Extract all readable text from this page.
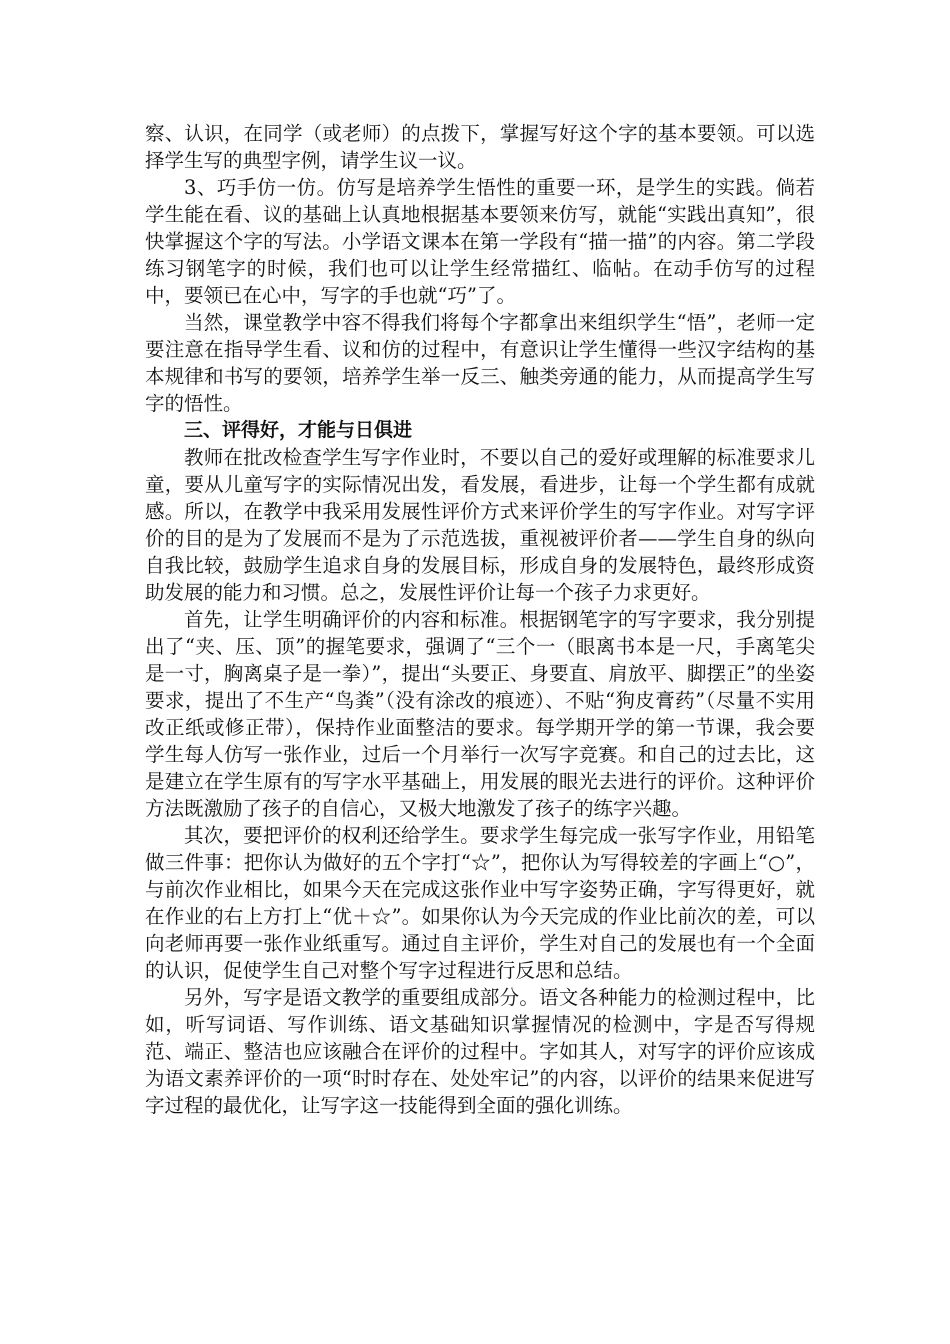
察、认识，在同学（或老师）的点拨下，掌握写好这个字的基本要领。可以选择学生写的典型字例，请学生议一议。

3、巧手仿一仿。仿写是培养学生悟性的重要一环，是学生的实践。倘若学生能在看、议的基础上认真地根据基本要领来仿写，就能“实践出真知”，很快掌握这个字的写法。小学语文课本在第一学段有“描一描”的内容。第二学段练习钢笔字的时候，我们也可以让学生经常描红、临帖。在动手仿写的过程中，要领已在心中，写字的手也就“巧”了。

当然，课堂教学中容不得我们将每个字都拿出来组织学生“悟”，老师一定要注意在指导学生看、议和仿的过程中，有意识让学生懂得一些汉字结构的基本规律和书写的要领，培养学生举一反三、触类旁通的能力，从而提高学生写字的悟性。

三、评得好，才能与日俱进

教师在批改检查学生写字作业时，不要以自己的爱好或理解的标准要求儿童，要从儿童写字的实际情况出发，看发展，看进步，让每一个学生都有成就感。所以，在教学中我采用发展性评价方式来评价学生的写字作业。对写字评价的目的是为了发展而不是为了示范选拔，重视被评价者——学生自身的纵向自我比较，鼓励学生追求自身的发展目标，形成自身的发展特色，最终形成资助发展的能力和习惯。总之，发展性评价让每一个孩子力求更好。

首先，让学生明确评价的内容和标准。根据钢笔字的写字要求，我分别提出了“夹、压、顶”的握笔要求，强调了“三个一（眼离书本是一尺，手离笔尖是一寸，胸离桌子是一拳）”，提出“头要正、身要直、肩放平、脚摆正”的坐姿要求，提出了不生产“鸟粪”（没有涂改的痕迹）、不贴“狗皮膏药”（尽量不实用改正纸或修正带），保持作业面整洁的要求。每学期开学的第一节课，我会要学生每人仿写一张作业，过后一个月举行一次写字竞赛。和自己的过去比，这是建立在学生原有的写字水平基础上，用发展的眼光去进行的评价。这种评价方法既激励了孩子的自信心，又极大地激发了孩子的练字兴趣。

其次，要把评价的权利还给学生。要求学生每完成一张写字作业，用铅笔做三件事：把你认为做好的五个字打“☆”，把你认为写得较差的字画上“○”，与前次作业相比，如果今天在完成这张作业中写字姿势正确，字写得更好，就在作业的右上方打上“优＋☆”。如果你认为今天完成的作业比前次的差，可以向老师再要一张作业纸重写。通过自主评价，学生对自己的发展也有一个全面的认识，促使学生自己对整个写字过程进行反思和总结。

另外，写字是语文教学的重要组成部分。语文各种能力的检测过程中，比如，听写词语、写作训练、语文基础知识掌握情况的检测中，字是否写得规范、端正、整洁也应该融合在评价的过程中。字如其人，对写字的评价应该成为语文素养评价的一项“时时存在、处处牢记”的内容，以评价的结果来促进写字过程的最优化，让写字这一技能得到全面的强化训练。
